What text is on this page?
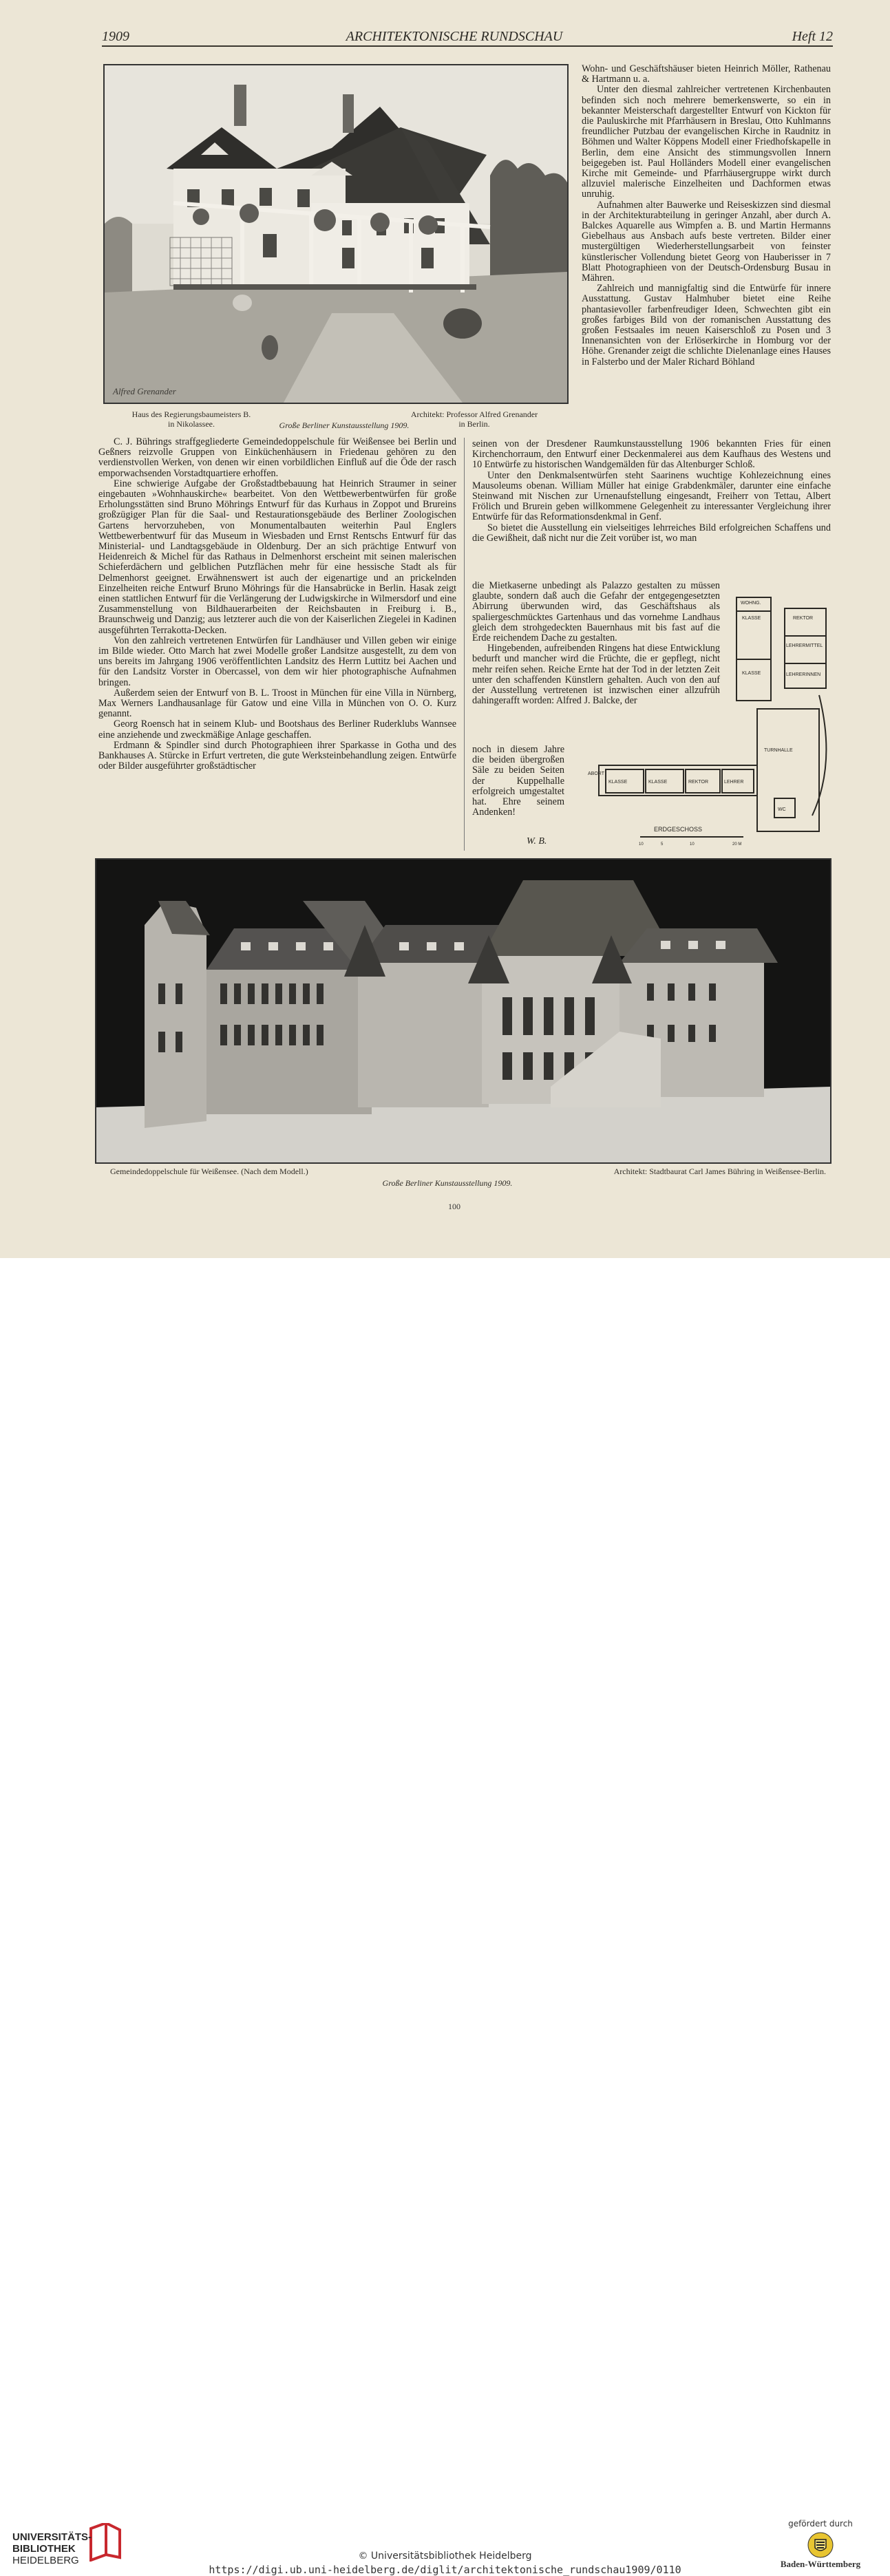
1909	ARCHITEKTONISCHE RUNDSCHAU	Heft 12
Alfred Grenander
Haus des Regierungsbaumeisters B.
in Nikolassee.	Große Berliner Kunstausstellung 1909.
Architekt: Professor Alfred Grenander
in Berlin.

Wohn- und Geschäftshäuser bieten Heinrich Möller, Rathenau & Hartmann u. a.

Unter den diesmal zahlreicher vertretenen Kirchenbauten befinden sich noch mehrere bemerkenswerte, so ein in bekannter Meisterschaft dargestellter Entwurf von Kickton für die Pauluskirche mit Pfarrhäusern in Breslau, Otto Kuhlmanns freundlicher Putzbau der evangelischen Kirche in Raudnitz in Böhmen und Walter Köppens Modell einer Friedhofskapelle in Berlin, dem eine Ansicht des stimmungsvollen Innern beigegeben ist. Paul Holländers Modell einer evangelischen Kirche mit Gemeinde- und Pfarrhäusergruppe wirkt durch allzuviel malerische Einzelheiten und Dachformen etwas unruhig.

Aufnahmen alter Bauwerke und Reiseskizzen sind diesmal in der Architekturabteilung in geringer Anzahl, aber durch A. Balckes Aquarelle aus Wimpfen a. B. und Martin Hermanns Giebelhaus aus Ansbach aufs beste vertreten. Bilder einer mustergültigen Wiederherstellungsarbeit von feinster künstlerischer Vollendung bietet Georg von Hauberisser in 7 Blatt Photographieen von der Deutsch-Ordensburg Busau in Mähren.

Zahlreich und mannigfaltig sind die Entwürfe für innere Ausstattung. Gustav Halmhuber bietet eine Reihe phantasievoller farbenfreudiger Ideen, Schwechten gibt ein großes farbiges Bild von der romanischen Ausstattung des großen Festsaales im neuen Kaiserschloß zu Posen und 3 Innenansichten von der Erlöserkirche in Homburg vor der Höhe. Grenander zeigt die schlichte Dielenanlage eines Hauses in Falsterbo und der Maler Richard Böhland

C. J. Bührings straffgegliederte Gemeindedoppelschule für Weißensee bei Berlin und Geßners reizvolle Gruppen von Einküchenhäusern in Friedenau gehören zu den verdienstvollen Werken, von denen wir einen vorbildlichen Einfluß auf die Öde der rasch emporwachsenden Vorstadtquartiere erhoffen.

Eine schwierige Aufgabe der Großstadtbebauung hat Heinrich Straumer in seiner eingebauten »Wohnhauskirche« bearbeitet. Von den Wettbewerbentwürfen für große Erholungsstätten sind Bruno Möhrings Entwurf für das Kurhaus in Zoppot und Brureins großzügiger Plan für die Saal- und Restaurationsgebäude des Berliner Zoologischen Gartens hervorzuheben, von Monumentalbauten weiterhin Paul Englers Wettbewerbentwurf für das Museum in Wiesbaden und Ernst Rentschs Entwurf für das Ministerial- und Landtagsgebäude in Oldenburg. Der an sich prächtige Entwurf von Heidenreich & Michel für das Rathaus in Delmenhorst erscheint mit seinen malerischen Schieferdächern und gelblichen Putzflächen mehr für eine hessische Stadt als für Delmenhorst geeignet. Erwähnenswert ist auch der eigenartige und an prickelnden Einzelheiten reiche Entwurf Bruno Möhrings für die Hansabrücke in Berlin. Hasak zeigt einen stattlichen Entwurf für die Verlängerung der Ludwigskirche in Wilmersdorf und eine Zusammenstellung von Bildhauerarbeiten der Reichsbauten in Freiburg i. B., Braunschweig und Danzig; aus letzterer auch die von der Kaiserlichen Ziegelei in Kadinen ausgeführten Terrakotta-Decken.

Von den zahlreich vertretenen Entwürfen für Landhäuser und Villen geben wir einige im Bilde wieder. Otto March hat zwei Modelle großer Landsitze ausgestellt, zu dem von uns bereits im Jahrgang 1906 veröffentlichten Landsitz des Herrn Luttitz bei Aachen und für den Landsitz Vorster in Obercassel, von dem wir hier photographische Aufnahmen bringen.

Außerdem seien der Entwurf von B. L. Troost in München für eine Villa in Nürnberg, Max Werners Landhausanlage für Gatow und eine Villa in München von O. O. Kurz genannt.

Georg Roensch hat in seinem Klub- und Bootshaus des Berliner Ruderklubs Wannsee eine anziehende und zweckmäßige Anlage geschaffen.

Erdmann & Spindler sind durch Photographieen ihrer Sparkasse in Gotha und des Bankhauses A. Stürcke in Erfurt vertreten, die gute Werksteinbehandlung zeigen. Entwürfe oder Bilder ausgeführter großstädtischer

seinen von der Dresdener Raumkunstausstellung 1906 bekannten Fries für einen Kirchenchorraum, den Entwurf einer Deckenmalerei aus dem Kaufhaus des Westens und 10 Entwürfe zu historischen Wandgemälden für das Altenburger Schloß.

Unter den Denkmalsentwürfen steht Saarinens wuchtige Kohlezeichnung eines Mausoleums obenan. William Müller hat einige Grabdenkmäler, darunter eine einfache Steinwand mit Nischen zur Urnenaufstellung eingesandt, Freiherr von Tettau, Albert Frölich und Brurein geben willkommene Gelegenheit zu interessanter Vergleichung ihrer Entwürfe für das Reformationsdenkmal in Genf.

So bietet die Ausstellung ein vielseitiges lehrreiches Bild erfolgreichen Schaffens und die Gewißheit, daß nicht nur die Zeit vorüber ist, wo man

die Mietkaserne unbedingt als Palazzo gestalten zu müssen glaubte, sondern daß auch die Gefahr der entgegengesetzten Abirrung überwunden wird, das Geschäftshaus als spaliergeschmücktes Gartenhaus und das vornehme Landhaus gleich dem strohgedeckten Bauernhaus mit bis fast auf die Erde reichendem Dache zu gestalten.

Hingebenden, aufreibenden Ringens hat diese Entwicklung bedurft und mancher wird die Früchte, die er gepflegt, nicht mehr reifen sehen. Reiche Ernte hat der Tod in der letzten Zeit unter den schaffenden Künstlern gehalten. Auch von den auf der Ausstellung vertretenen ist inzwischen einer allzufrüh dahingerafft worden: Alfred J. Balcke, der

noch in diesem Jahre die beiden übergroßen Säle zu beiden Seiten der Kuppelhalle erfolgreich umgestaltet hat. Ehre seinem Andenken!

W. B.
KLASSE
KLASSE
REKTOR
LEHRERMITTEL
LEHRERINNEN
TURNHALLE
KLASSE	KLASSE	REKTOR	LEHRER
WOHNG.
ABORT
WC
ERDGESCHOSS
10	5	10	20 M
Gemeindedoppelschule für Weißensee. (Nach dem Modell.)
Große Berliner Kunstausstellung 1909.
Architekt: Stadtbaurat Carl James Bühring in Weißensee-Berlin.
100
UNIVERSITÄTS-
BIBLIOTHEK
HEIDELBERG	© Universitätsbibliothek Heidelberg
https://digi.ub.uni-heidelberg.de/diglit/architektonische_rundschau1909/0110
gefördert durch
Baden-Württemberg
